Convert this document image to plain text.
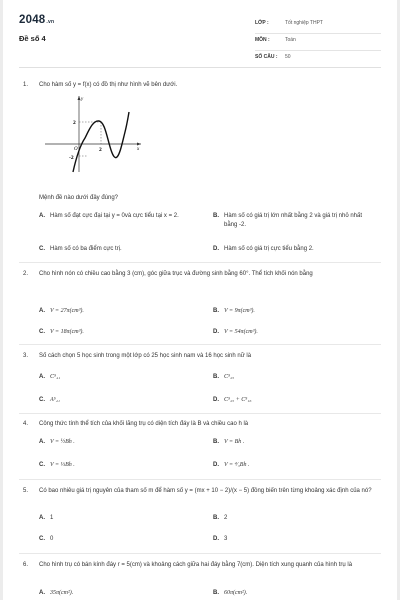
2048.vn
Đề số 4
LỚP :	Tốt nghiệp THPT
MÔN :	Toán
SỐ CÂU : 50
1. Cho hàm số y = f(x) có đồ thị như hình vẽ bên dưới.
2
-2
2
O	x
y
Mệnh đề nào dưới đây đúng?
A. Hàm số đạt cực đại tại y = 0và cực tiểu tại x = 2.	B. Hàm số có giá trị lớn nhất bằng 2 và giá trị nhỏ nhất bằng -2.
C. Hàm số có ba điểm cực trị.	D. Hàm số có giá trị cực tiểu bằng 2.
2. Cho hình nón có chiều cao bằng 3 (cm), góc giữa trục và đường sinh bằng 60°. Thể tích khối nón bằng
A. V = 27π(cm³).	B. V = 9π(cm³).
C. V = 18π(cm³).	D. V = 54π(cm³).
3. Số cách chọn 5 học sinh trong một lớp có 25 học sinh nam và 16 học sinh nữ là
A. C⁵₄₁	B. C⁵₂₅
C. A⁵₄₁	D. C⁵₂₅ + C⁵₁₆
4. Công thức tính thể tích của khối lăng trụ có diện tích đáy là B và chiều cao h là
A. V = ½Bh .	B. V = Bh .
C. V = ⅓Bh .	D. V = ⁴⁄₃Bh .
5. Có bao nhiêu giá trị nguyên của tham số m để hàm số y = (mx + 10 − 2)/(x − 5) đồng biến trên từng khoảng xác định của nó?
A. 1	B. 2
C. 0	D. 3
6. Cho hình trụ có bán kính đáy r = 5(cm) và khoảng cách giữa hai đáy bằng 7(cm). Diện tích xung quanh của hình trụ là
A. 35π(cm²).	B. 60π(cm²).
